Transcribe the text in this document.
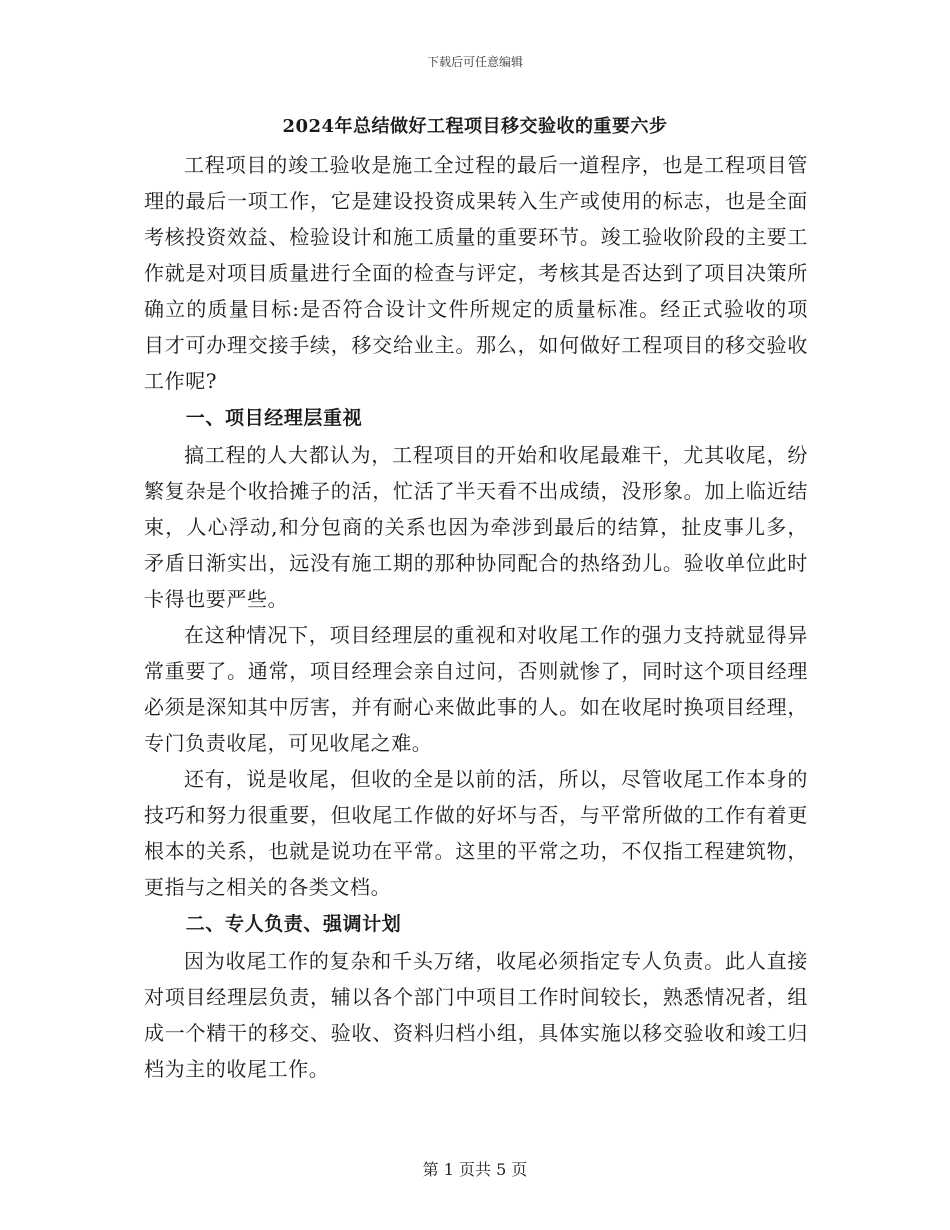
下载后可任意编辑
2024年总结做好工程项目移交验收的重要六步

工程项目的竣工验收是施工全过程的最后一道程序，也是工程项目管理的最后一项工作，它是建设投资成果转入生产或使用的标志，也是全面考核投资效益、检验设计和施工质量的重要环节。竣工验收阶段的主要工作就是对项目质量进行全面的检查与评定，考核其是否达到了项目决策所确立的质量目标:是否符合设计文件所规定的质量标准。经正式验收的项目才可办理交接手续，移交给业主。那么，如何做好工程项目的移交验收工作呢?

一、项目经理层重视

搞工程的人大都认为，工程项目的开始和收尾最难干，尤其收尾，纷繁复杂是个收拾摊子的活，忙活了半天看不出成绩，没形象。加上临近结束，人心浮动,和分包商的关系也因为牵涉到最后的结算，扯皮事儿多，矛盾日渐实出，远没有施工期的那种协同配合的热络劲儿。验收单位此时卡得也要严些。

在这种情况下，项目经理层的重视和对收尾工作的强力支持就显得异常重要了。通常，项目经理会亲自过问，否则就惨了，同时这个项目经理必须是深知其中厉害，并有耐心来做此事的人。如在收尾时换项目经理，专门负责收尾，可见收尾之难。

还有，说是收尾，但收的全是以前的活，所以，尽管收尾工作本身的技巧和努力很重要，但收尾工作做的好坏与否，与平常所做的工作有着更根本的关系，也就是说功在平常。这里的平常之功，不仅指工程建筑物，更指与之相关的各类文档。

二、专人负责、强调计划

因为收尾工作的复杂和千头万绪，收尾必须指定专人负责。此人直接对项目经理层负责，辅以各个部门中项目工作时间较长，熟悉情况者，组成一个精干的移交、验收、资料归档小组，具体实施以移交验收和竣工归档为主的收尾工作。

第 1 页共 5 页
